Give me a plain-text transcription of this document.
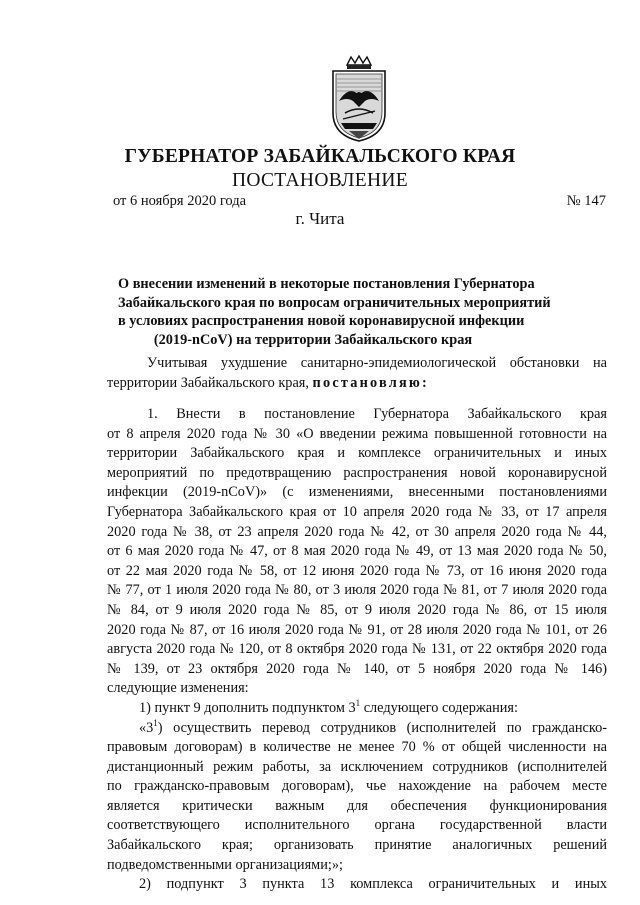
ГУБЕРНАТОР ЗАБАЙКАЛЬСКОГО КРАЯ
ПОСТАНОВЛЕНИЕ
от 6 ноября 2020 года	№ 147
г. Чита
О внесении изменений в некоторые постановления Губернатора
Забайкальского края по вопросам ограничительных мероприятий
в условиях распространения новой коронавирусной инфекции
(2019-nCoV) на территории Забайкальского края
Учитывая ухудшение санитарно-эпидемиологической обстановки на
территории Забайкальского края, постановляю:
1. Внести в постановление Губернатора Забайкальского края
от 8 апреля 2020 года № 30 «О введении режима повышенной готовности на
территории Забайкальского края и комплексе ограничительных и иных
мероприятий по предотвращению распространения новой коронавирусной
инфекции (2019-nCoV)» (с изменениями, внесенными постановлениями
Губернатора Забайкальского края от 10 апреля 2020 года № 33, от 17 апреля
2020 года № 38, от 23 апреля 2020 года № 42, от 30 апреля 2020 года № 44,
от 6 мая 2020 года № 47, от 8 мая 2020 года № 49, от 13 мая 2020 года № 50,
от 22 мая 2020 года № 58, от 12 июня 2020 года № 73, от 16 июня 2020 года
№ 77, от 1 июля 2020 года № 80, от 3 июля 2020 года № 81, от 7 июля 2020 года
№ 84, от 9 июля 2020 года № 85, от 9 июля 2020 года № 86, от 15 июля
2020 года № 87, от 16 июля 2020 года № 91, от 28 июля 2020 года № 101, от 26
августа 2020 года № 120, от 8 октября 2020 года № 131, от 22 октября 2020 года
№ 139, от 23 октября 2020 года № 140, от 5 ноября 2020 года № 146)
следующие изменения:
1) пункт 9 дополнить подпунктом $3^1$ следующего содержания:
«$3^1$) осуществить перевод сотрудников (исполнителей по гражданско-
правовым договорам) в количестве не менее 70 % от общей численности на
дистанционный режим работы, за исключением сотрудников (исполнителей
по гражданско-правовым договорам), чье нахождение на рабочем месте
является критически важным для обеспечения функционирования
соответствующего исполнительного органа государственной власти
Забайкальского края; организовать принятие аналогичных решений
подведомственными организациями;»;
2) подпункт 3 пункта 13 комплекса ограничительных и иных
